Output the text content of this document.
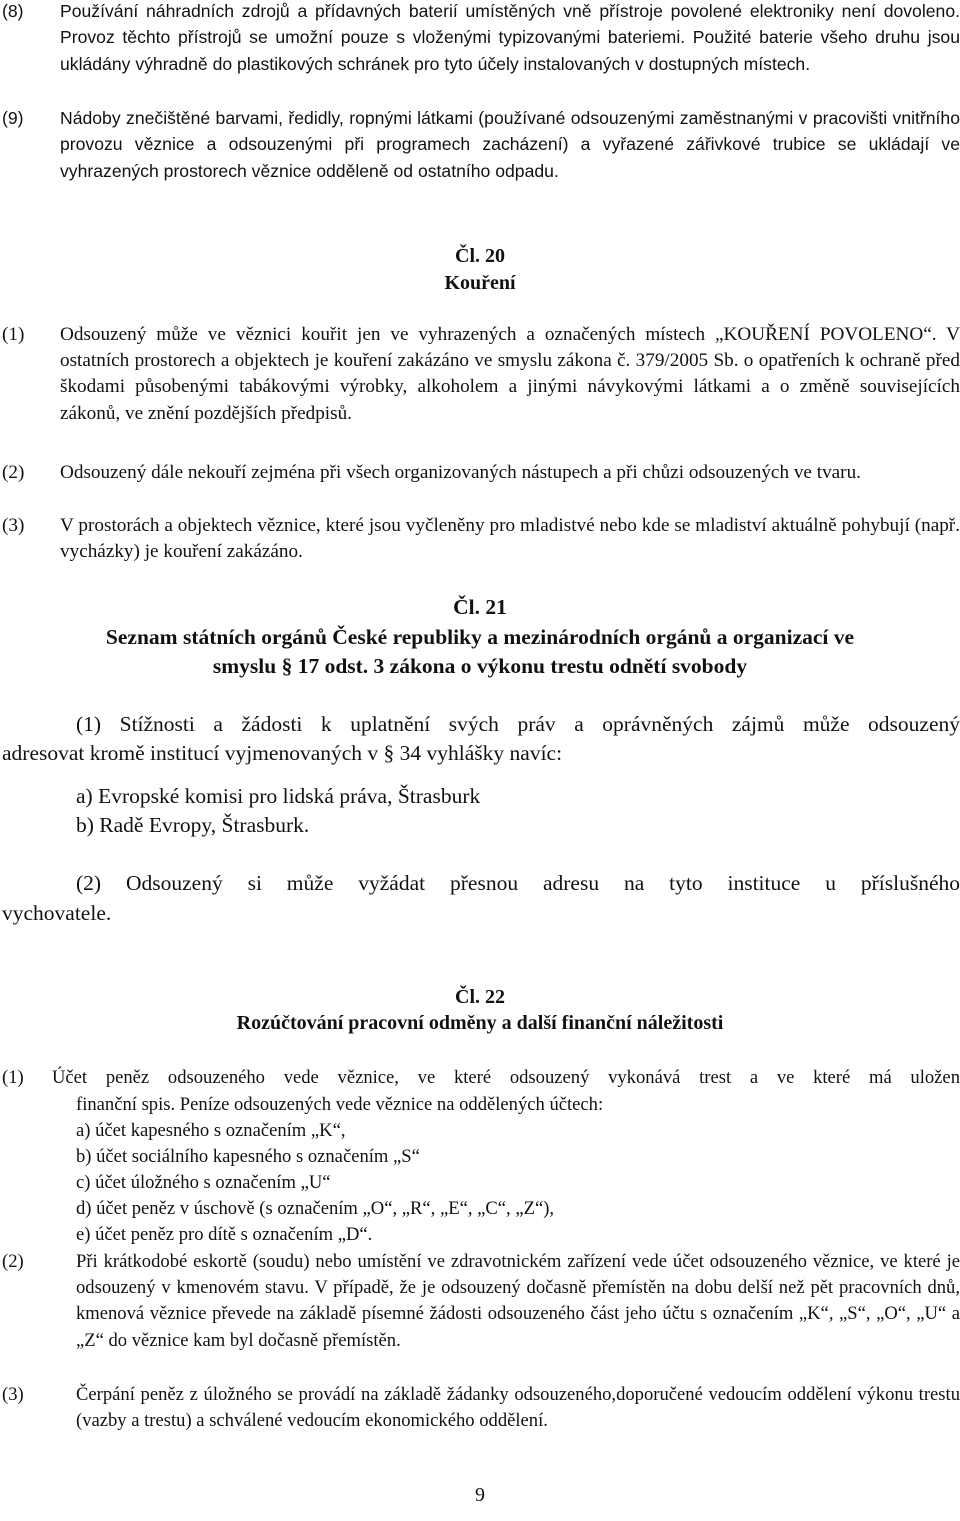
(8) Používání náhradních zdrojů a přídavných baterií umístěných vně přístroje povolené elektroniky není dovoleno. Provoz těchto přístrojů se umožní pouze s vloženými typizovanými bateriemi. Použité baterie všeho druhu jsou ukládány výhradně do plastikových schránek pro tyto účely instalovaných v dostupných místech.
(9) Nádoby znečištěné barvami, ředidly, ropnými látkami (používané odsouzenými zaměstnanými v pracovišti vnitřního provozu věznice a odsouzenými při programech zacházení) a vyřazené zářivkové trubice se ukládají ve vyhrazených prostorech věznice odděleně od ostatního odpadu.
Čl. 20
Kouření
(1) Odsouzený může ve věznici kouřit jen ve vyhrazených a označených místech „KOUŘENÍ POVOLENO“. V ostatních prostorech a objektech je kouření zakázáno ve smyslu zákona č. 379/2005 Sb. o opatřeních k ochraně před škodami působenými tabákovými výrobky, alkoholem a jinými návykovými látkami a o změně souvisejících zákonů, ve znění pozdějších předpisů.
(2) Odsouzený dále nekouří zejména při všech organizovaných nástupech a při chůzi odsouzených ve tvaru.
(3) V prostorách a objektech věznice, které jsou vyčleněny pro mladistvé nebo kde se mladiství aktuálně pohybují (např. vycházky) je kouření zakázáno.
Čl. 21
Seznam státních orgánů České republiky a mezinárodních orgánů a organizací ve
smyslu § 17 odst. 3 zákona o výkonu trestu odnětí svobody
(1) Stížnosti a žádosti k uplatnění svých práv a oprávněných zájmů může odsouzený
adresovat kromě institucí vyjmenovaných v § 34 vyhlášky navíc:
a) Evropské komisi pro lidská práva, Štrasburk
b) Radě Evropy, Štrasburk.
(2) Odsouzený si může vyžádat přesnou adresu na tyto instituce u příslušného
vychovatele.
Čl. 22
Rozúčtování pracovní odměny a další finanční náležitosti
(1) Účet peněz odsouzeného vede věznice, ve které odsouzený vykonává trest a ve které má uložen
finanční spis. Peníze odsouzených vede věznice na oddělených účtech:
a) účet kapesného s označením „K“,
b) účet sociálního kapesného s označením „S“
c) účet úložného s označením „U“
d) účet peněz v úschově (s označením „O“, „R“, „E“, „C“, „Z“),
e) účet peněz pro dítě s označením „D“.
(2)	Při krátkodobé eskortě (soudu) nebo umístění ve zdravotnickém zařízení vede účet odsouzeného věznice, ve které je odsouzený v kmenovém stavu. V případě, že je odsouzený dočasně přemístěn na dobu delší než pět pracovních dnů, kmenová věznice převede na základě písemné žádosti odsouzeného část jeho účtu s označením „K“, „S“, „O“, „U“ a „Z“ do věznice kam byl dočasně přemístěn.
(3)	Čerpání peněz z úložného se provádí na základě žádanky odsouzeného,doporučené vedoucím oddělení výkonu trestu (vazby a trestu) a schválené vedoucím ekonomického oddělení.
9
